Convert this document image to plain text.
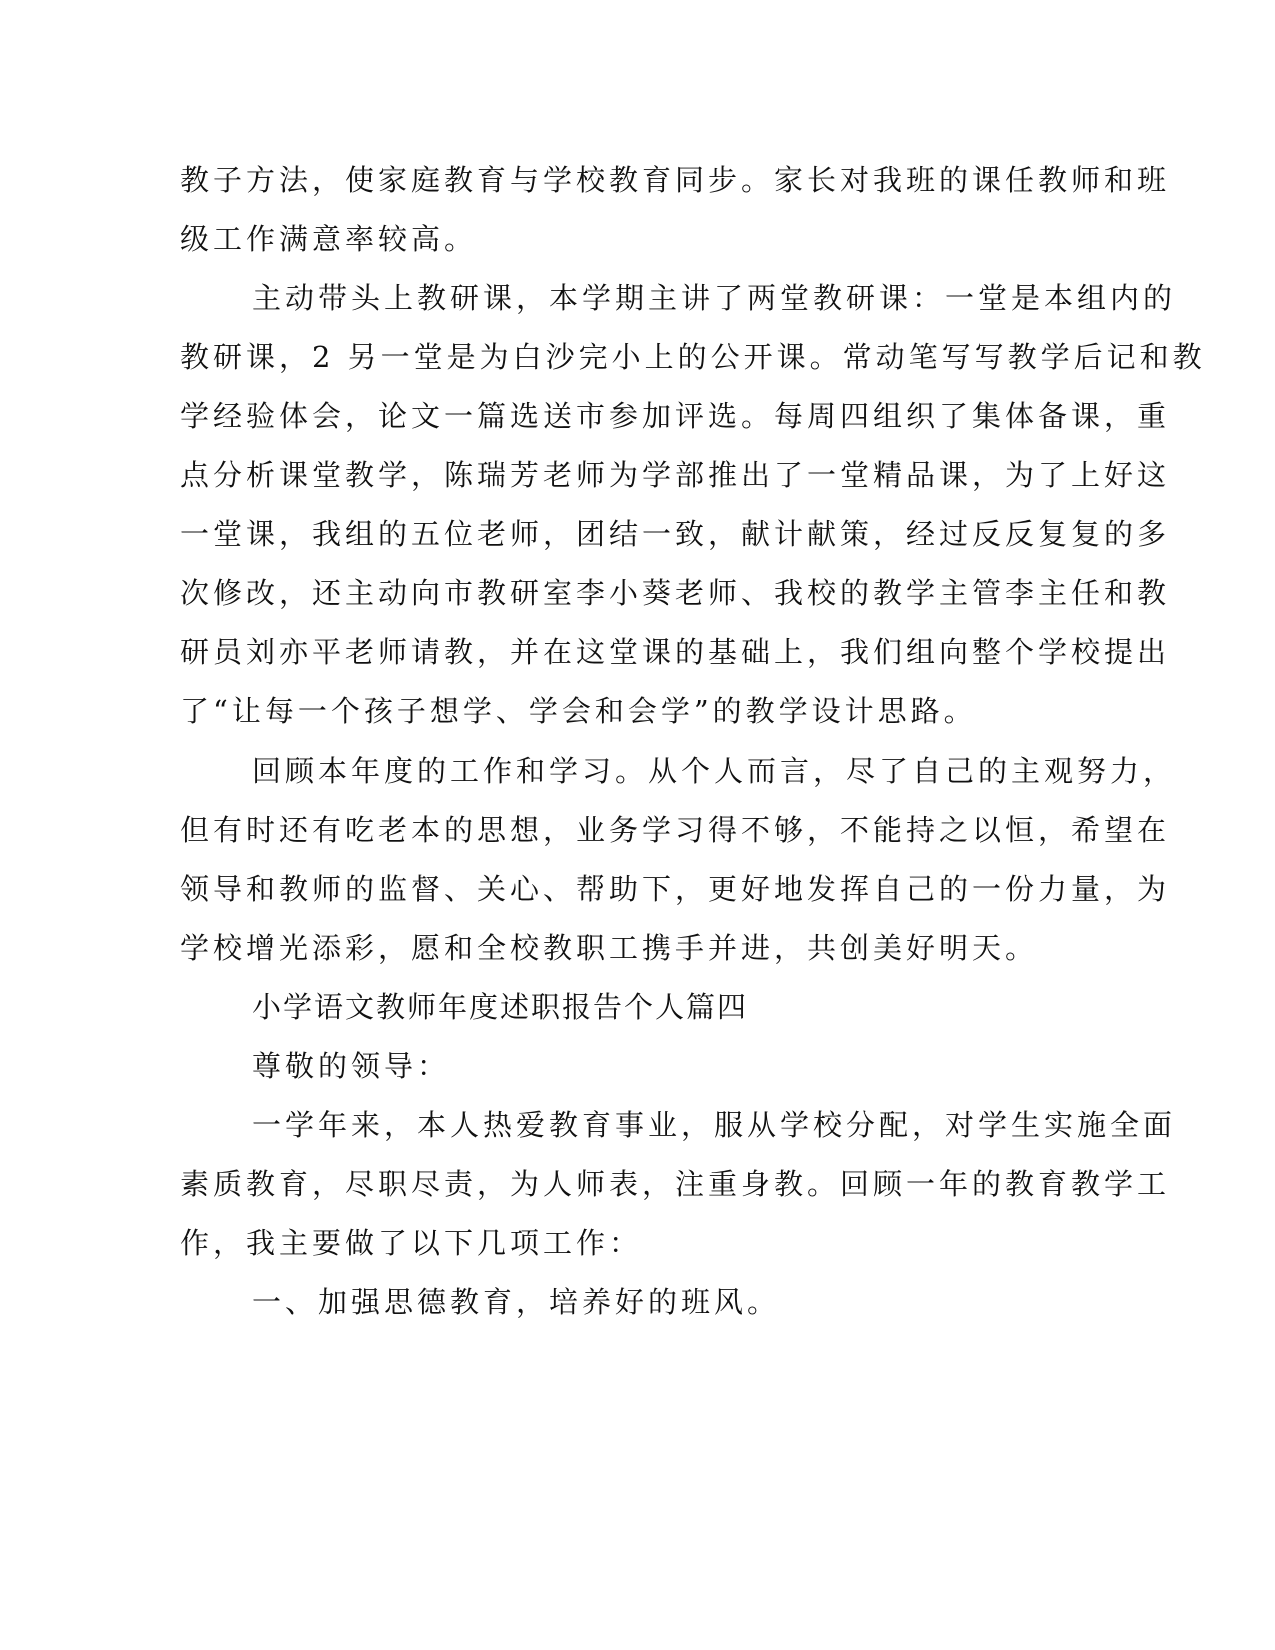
教子方法，使家庭教育与学校教育同步。家长对我班的课任教师和班
级工作满意率较高。
主动带头上教研课，本学期主讲了两堂教研课：一堂是本组内的
教研课，2 另一堂是为白沙完小上的公开课。常动笔写写教学后记和教
学经验体会，论文一篇选送市参加评选。每周四组织了集体备课，重
点分析课堂教学，陈瑞芳老师为学部推出了一堂精品课，为了上好这
一堂课，我组的五位老师，团结一致，献计献策，经过反反复复的多
次修改，还主动向市教研室李小葵老师、我校的教学主管李主任和教
研员刘亦平老师请教，并在这堂课的基础上，我们组向整个学校提出
了“让每一个孩子想学、学会和会学”的教学设计思路。
回顾本年度的工作和学习。从个人而言，尽了自己的主观努力，
但有时还有吃老本的思想，业务学习得不够，不能持之以恒，希望在
领导和教师的监督、关心、帮助下，更好地发挥自己的一份力量，为
学校增光添彩，愿和全校教职工携手并进，共创美好明天。
小学语文教师年度述职报告个人篇四
尊敬的领导：
一学年来，本人热爱教育事业，服从学校分配，对学生实施全面
素质教育，尽职尽责，为人师表，注重身教。回顾一年的教育教学工
作，我主要做了以下几项工作：
一、加强思德教育，培养好的班风。
